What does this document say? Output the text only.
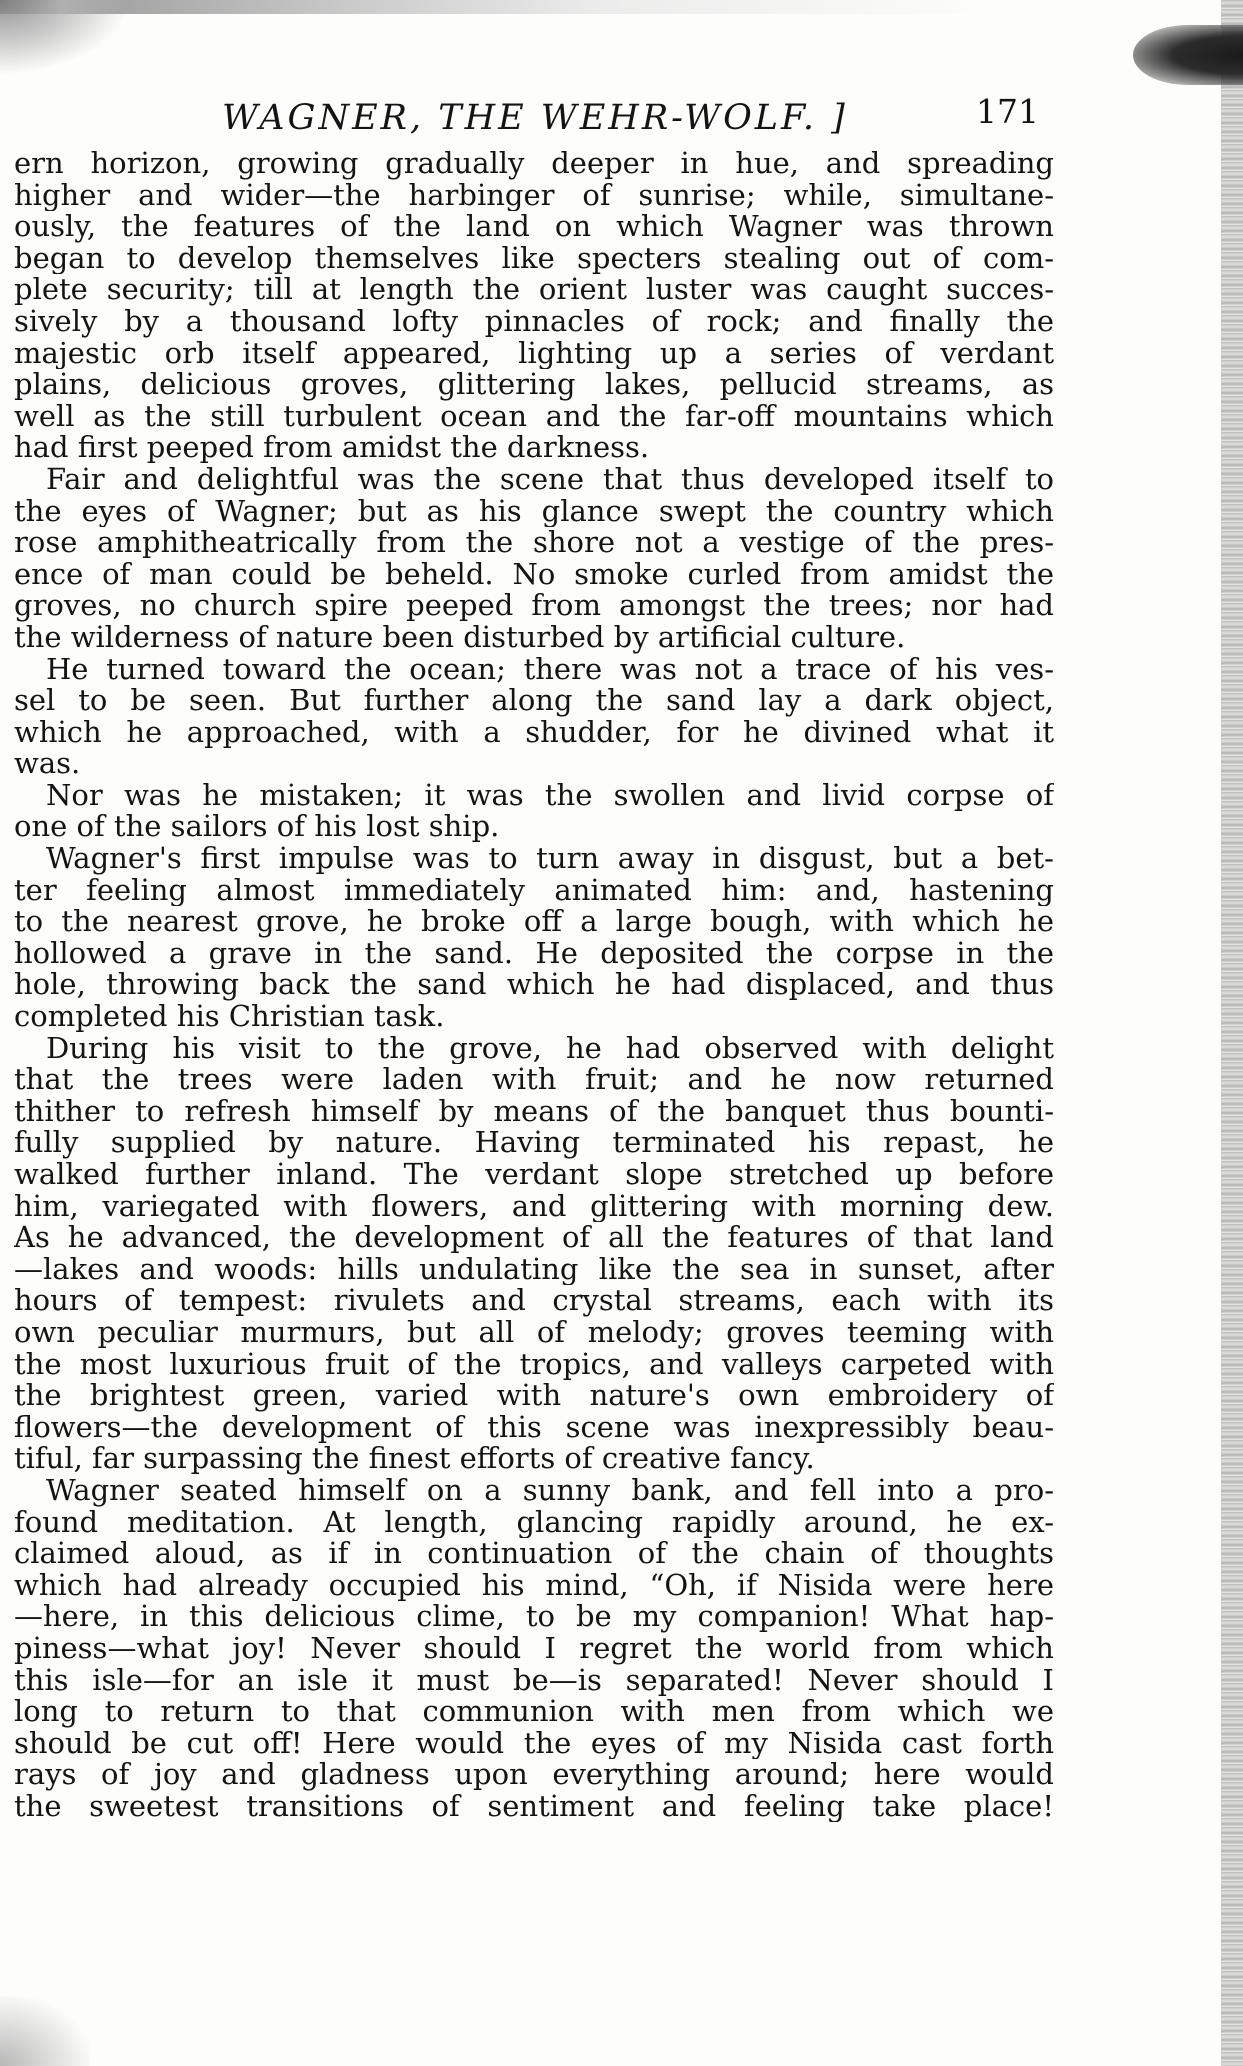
WAGNER, THE WEHR-WOLF. ]	171
ern horizon, growing gradually deeper in hue, and spreading
higher and wider—the harbinger of sunrise; while, simultane-
ously, the features of the land on which Wagner was thrown
began to develop themselves like specters stealing out of com-
plete security; till at length the orient luster was caught succes-
sively by a thousand lofty pinnacles of rock; and finally the
majestic orb itself appeared, lighting up a series of verdant
plains, delicious groves, glittering lakes, pellucid streams, as
well as the still turbulent ocean and the far-off mountains which
had first peeped from amidst the darkness.
Fair and delightful was the scene that thus developed itself to
the eyes of Wagner; but as his glance swept the country which
rose amphitheatrically from the shore not a vestige of the pres-
ence of man could be beheld. No smoke curled from amidst the
groves, no church spire peeped from amongst the trees; nor had
the wilderness of nature been disturbed by artificial culture.
He turned toward the ocean; there was not a trace of his ves-
sel to be seen. But further along the sand lay a dark object,
which he approached, with a shudder, for he divined what it
was.
Nor was he mistaken; it was the swollen and livid corpse of
one of the sailors of his lost ship.
Wagner's first impulse was to turn away in disgust, but a bet-
ter feeling almost immediately animated him: and, hastening
to the nearest grove, he broke off a large bough, with which he
hollowed a grave in the sand. He deposited the corpse in the
hole, throwing back the sand which he had displaced, and thus
completed his Christian task.
During his visit to the grove, he had observed with delight
that the trees were laden with fruit; and he now returned
thither to refresh himself by means of the banquet thus bounti-
fully supplied by nature. Having terminated his repast, he
walked further inland. The verdant slope stretched up before
him, variegated with flowers, and glittering with morning dew.
As he advanced, the development of all the features of that land
—lakes and woods: hills undulating like the sea in sunset, after
hours of tempest: rivulets and crystal streams, each with its
own peculiar murmurs, but all of melody; groves teeming with
the most luxurious fruit of the tropics, and valleys carpeted with
the brightest green, varied with nature's own embroidery of
flowers—the development of this scene was inexpressibly beau-
tiful, far surpassing the finest efforts of creative fancy.
Wagner seated himself on a sunny bank, and fell into a pro-
found meditation. At length, glancing rapidly around, he ex-
claimed aloud, as if in continuation of the chain of thoughts
which had already occupied his mind, “Oh, if Nisida were here
—here, in this delicious clime, to be my companion! What hap-
piness—what joy! Never should I regret the world from which
this isle—for an isle it must be—is separated! Never should I
long to return to that communion with men from which we
should be cut off! Here would the eyes of my Nisida cast forth
rays of joy and gladness upon everything around; here would
the sweetest transitions of sentiment and feeling take place!
